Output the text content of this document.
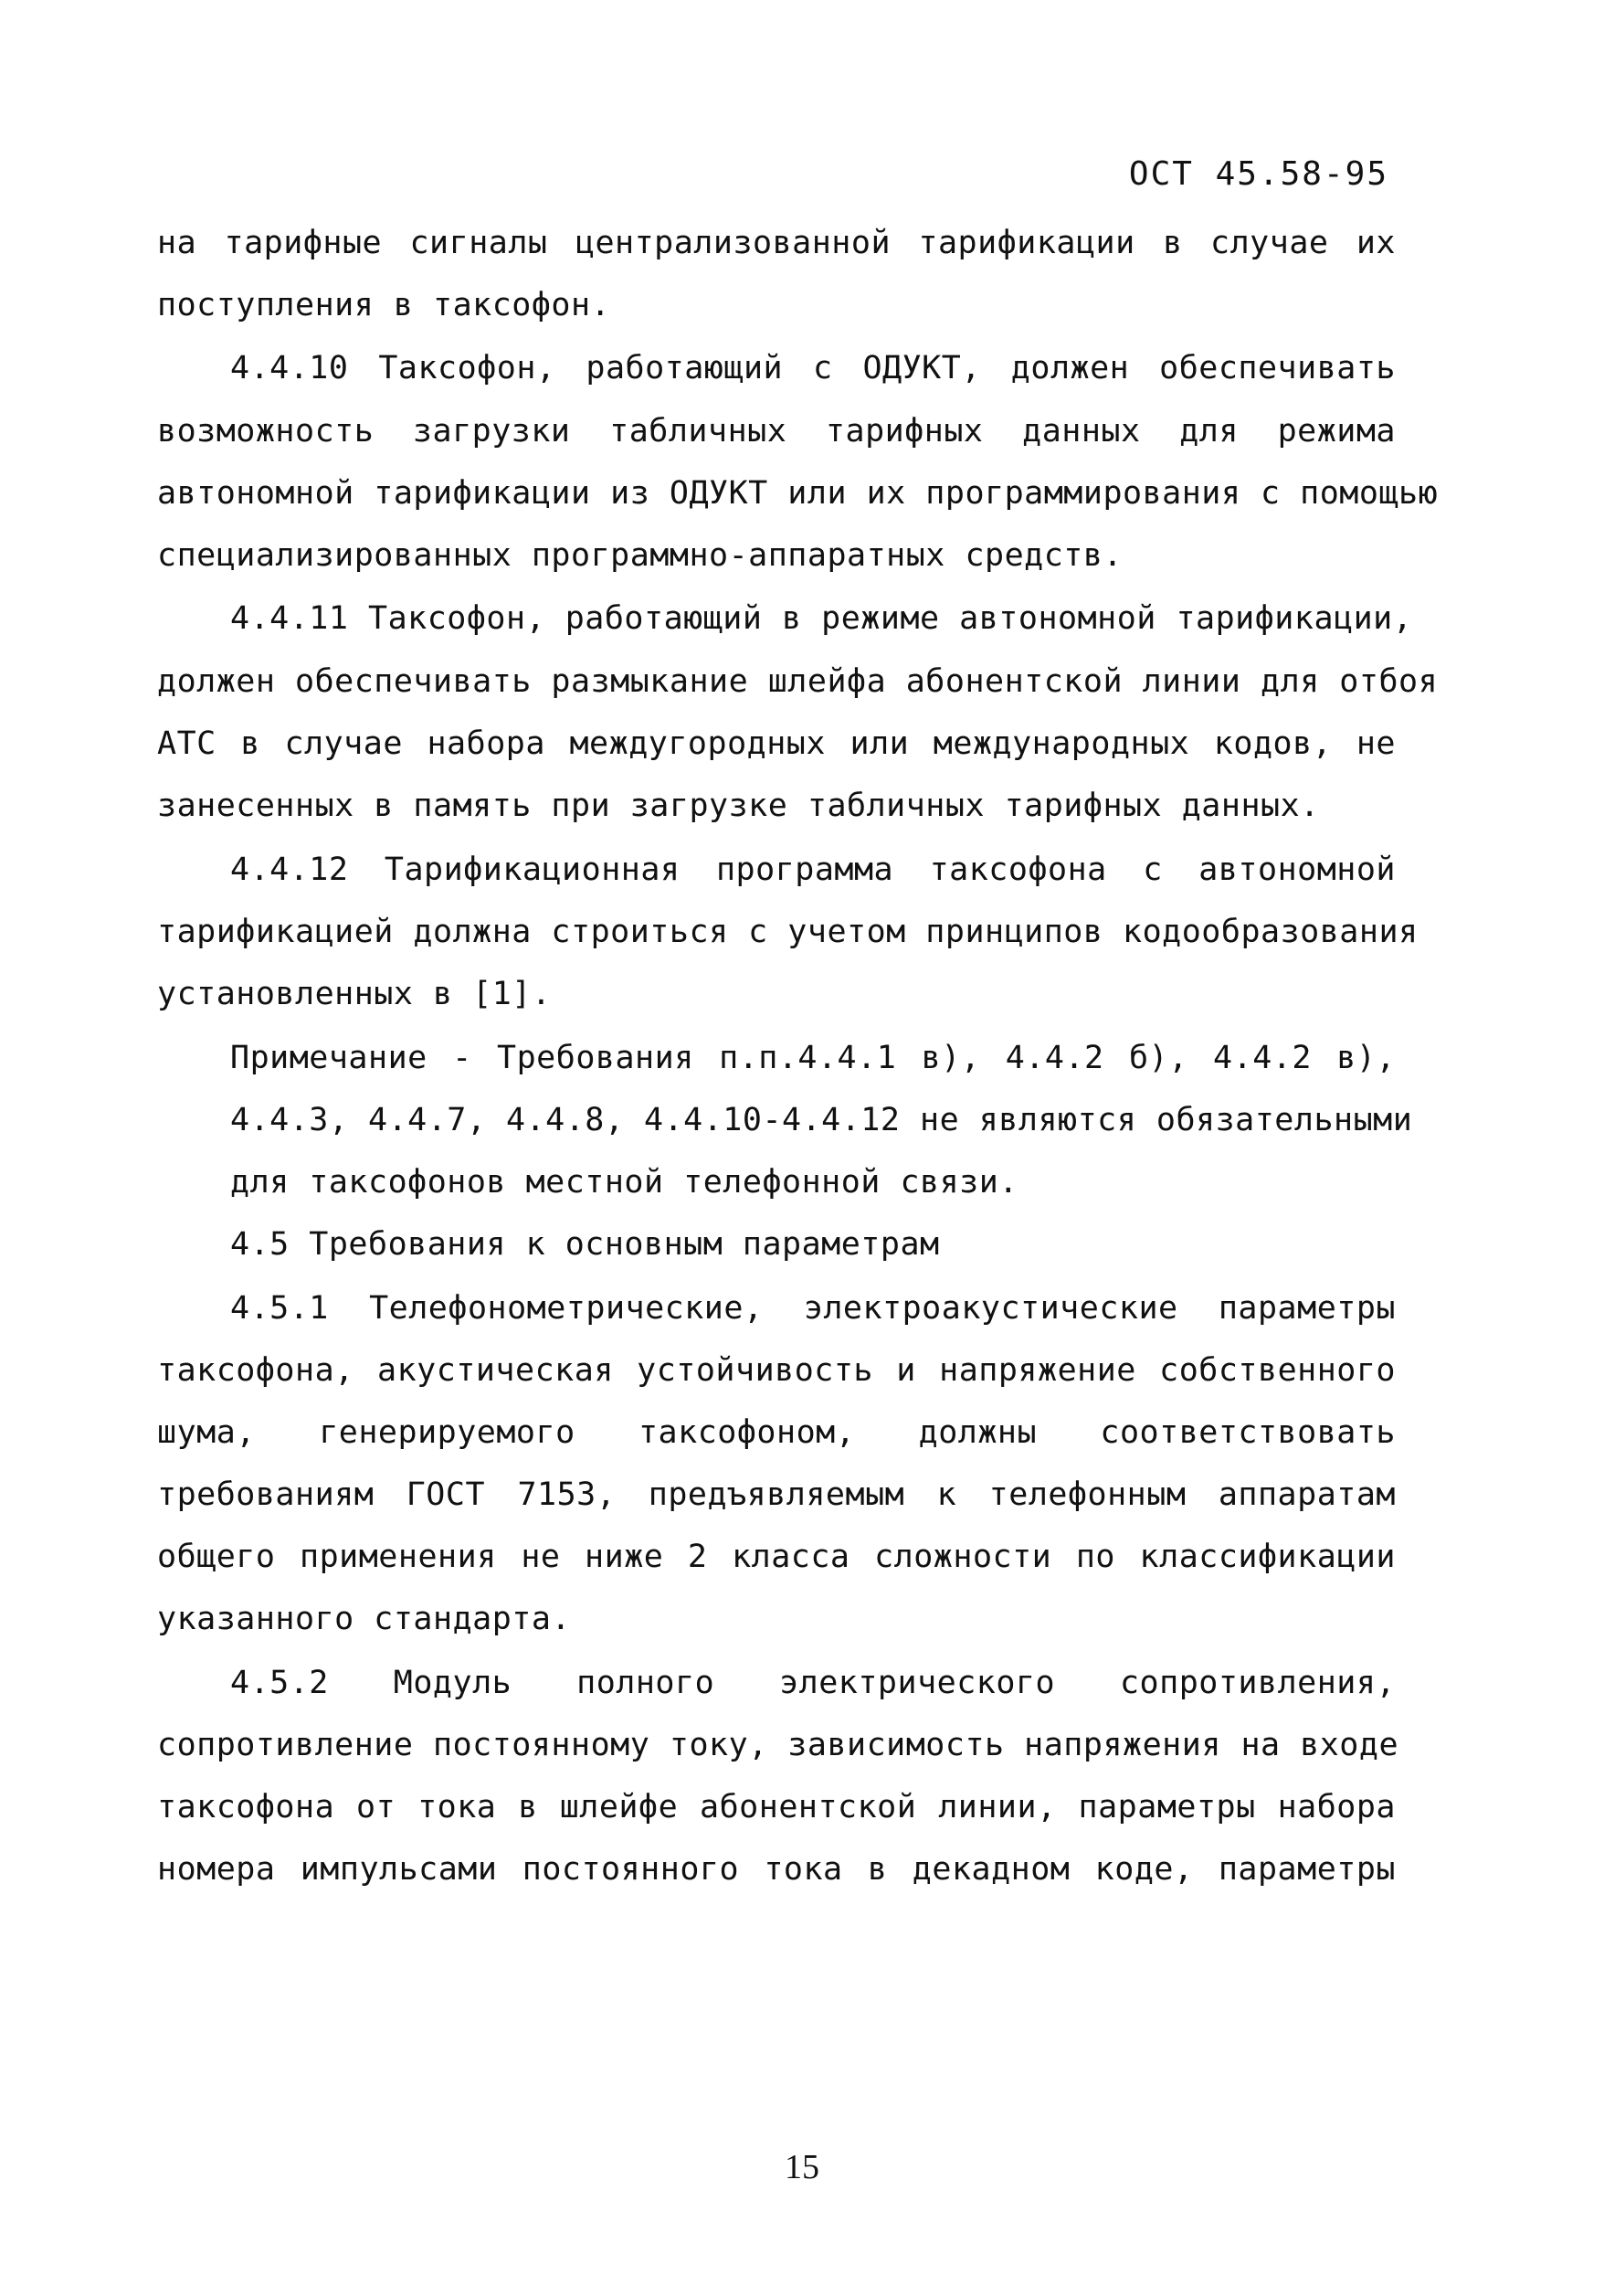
ОСТ 45.58-95
на тарифные сигналы централизованной тарификации в случае их
поступления в таксофон.
4.4.10 Таксофон, работающий с ОДУКТ, должен обеспечивать
возможность загрузки табличных тарифных данных для режима
автономной тарификации из ОДУКТ или их программирования с помощью
специализированных программно-аппаратных средств.
4.4.11 Таксофон, работающий в режиме автономной тарификации,
должен обеспечивать размыкание шлейфа абонентской линии для отбоя
АТС в случае набора междугородных или международных кодов, не
занесенных в память при загрузке табличных тарифных данных.
4.4.12 Тарификационная программа таксофона с автономной
тарификацией должна строиться с учетом принципов кодообразования
установленных в [1].
Примечание - Требования п.п.4.4.1 в), 4.4.2 б), 4.4.2 в),
4.4.3, 4.4.7, 4.4.8, 4.4.10-4.4.12 не являются обязательными
для таксофонов местной телефонной связи.
4.5 Требования к основным параметрам
4.5.1 Телефонометрические, электроакустические параметры
таксофона, акустическая устойчивость и напряжение собственного
шума, генерируемого таксофоном, должны соответствовать
требованиям ГОСТ 7153, предъявляемым к телефонным аппаратам
общего применения не ниже 2 класса сложности по классификации
указанного стандарта.
4.5.2 Модуль полного электрического сопротивления,
сопротивление постоянному току, зависимость напряжения на входе
таксофона от тока в шлейфе абонентской линии, параметры набора
номера импульсами постоянного тока в декадном коде, параметры
15
